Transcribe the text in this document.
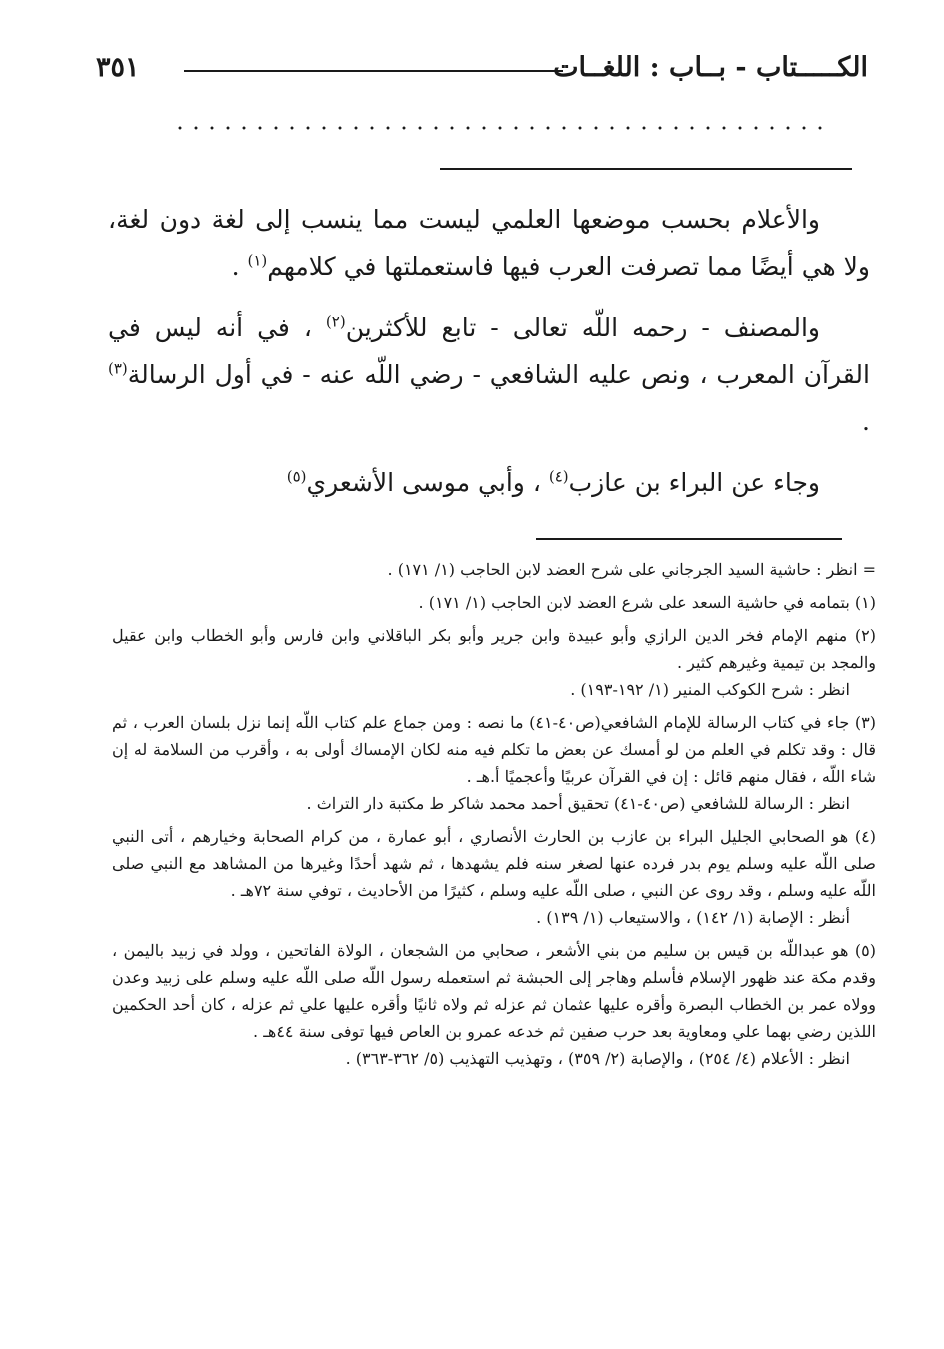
الكـــــتاب - بــاب : اللغــات
٣٥١

والأعلام بحسب موضعها العلمي ليست مما ينسب إلى لغة دون لغة، ولا هي أيضًا مما تصرفت العرب فيها فاستعملتها في كلامهم$^{(١)}$ .

والمصنف - رحمه اللّه تعالى - تابع للأكثرين$^{(٢)}$ ، في أنه ليس في القرآن المعرب ، ونص عليه الشافعي - رضي اللّه عنه - في أول الرسالة$^{(٣)}$ .

وجاء عن البراء بن عازب$^{(٤)}$ ، وأبي موسى الأشعري$^{(٥)}$

= انظر : حاشية السيد الجرجاني على شرح العضد لابن الحاجب (١/ ١٧١) .

(١) بتمامه في حاشية السعد على شرع العضد لابن الحاجب (١/ ١٧١) .

(٢) منهم الإمام فخر الدين الرازي وأبو عبيدة وابن جرير وأبو بكر الباقلاني وابن فارس وأبو الخطاب وابن عقيل والمجد بن تيمية وغيرهم كثير .

انظر : شرح الكوكب المنير (١/ ١٩٢-١٩٣) .

(٣) جاء في كتاب الرسالة للإمام الشافعي(ص٤٠-٤١) ما نصه : ومن جماع علم كتاب اللّه إنما نزل بلسان العرب ، ثم قال : وقد تكلم في العلم من لو أمسك عن بعض ما تكلم فيه منه لكان الإمساك أولى به ، وأقرب من السلامة له إن شاء اللّه ، فقال منهم قائل : إن في القرآن عربيًا وأعجميًا أ.هـ .

انظر : الرسالة للشافعي (ص٤٠-٤١) تحقيق أحمد محمد شاكر ط مكتبة دار التراث .

(٤) هو الصحابي الجليل البراء بن عازب بن الحارث الأنصاري ، أبو عمارة ، من كرام الصحابة وخيارهم ، أتى النبي صلى اللّه عليه وسلم يوم بدر فرده عنها لصغر سنه فلم يشهدها ، ثم شهد أحدًا وغيرها من المشاهد مع النبي صلى اللّه عليه وسلم ، وقد روى عن النبي ، صلى اللّه عليه وسلم ، كثيرًا من الأحاديث ، توفي سنة ٧٢هـ .

أنظر : الإصابة (١/ ١٤٢) ، والاستيعاب (١/ ١٣٩) .

(٥) هو عبداللّه بن قيس بن سليم من بني الأشعر ، صحابي من الشجعان ، الولاة الفاتحين ، وولد في زبيد باليمن ، وقدم مكة عند ظهور الإسلام فأسلم وهاجر إلى الحبشة ثم استعمله رسول اللّه صلى اللّه عليه وسلم على زبيد وعدن وولاه عمر بن الخطاب البصرة وأقره عليها عثمان ثم عزله ثم ولاه ثانيًا وأقره عليها علي ثم عزله ، كان أحد الحكمين اللذين رضي بهما علي ومعاوية بعد حرب صفين ثم خدعه عمرو بن العاص فيها توفى سنة ٤٤هـ .

انظر : الأعلام (٤/ ٢٥٤) ، والإصابة (٢/ ٣٥٩) ، وتهذيب التهذيب (٥/ ٣٦٢-٣٦٣) .
